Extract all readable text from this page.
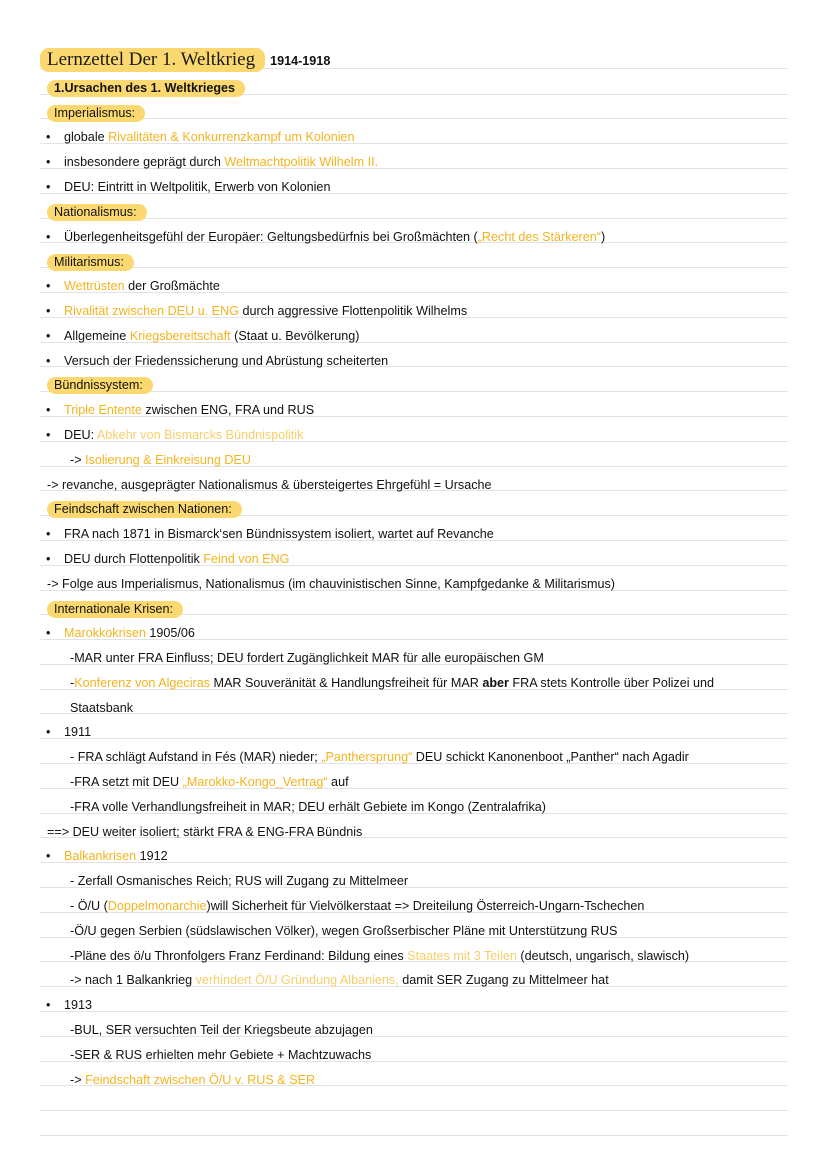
Lernzettel Der 1. Weltkrieg 1914-1918
1.Ursachen des 1. Weltkrieges
Imperialismus:
• globale Rivalitäten & Konkurrenzkampf um Kolonien
• insbesondere geprägt durch Weltmachtpolitik Wilhelm II.
• DEU: Eintritt in Weltpolitik, Erwerb von Kolonien
Nationalismus:
• Überlegenheitsgefühl der Europäer: Geltungsbedürfnis bei Großmächten („Recht des Stärkeren“)
Militarismus:
• Wettrüsten der Großmächte
• Rivalität zwischen DEU u. ENG durch aggressive Flottenpolitik Wilhelms
• Allgemeine Kriegsbereitschaft (Staat u. Bevölkerung)
• Versuch der Friedenssicherung und Abrüstung scheiterten
Bündnissystem:
• Triple Entente zwischen ENG, FRA und RUS
• DEU: Abkehr von Bismarcks Bündnispolitik
-> Isolierung & Einkreisung DEU
-> revanche, ausgeprägter Nationalismus & übersteigertes Ehrgefühl = Ursache
Feindschaft zwischen Nationen:
• FRA nach 1871 in Bismarck‘sen Bündnissystem isoliert, wartet auf Revanche
• DEU durch Flottenpolitik Feind von ENG
-> Folge aus Imperialismus, Nationalismus (im chauvinistischen Sinne, Kampfgedanke & Militarismus)
Internationale Krisen:
• Marokkokrisen 1905/06
-MAR unter FRA Einfluss; DEU fordert Zugänglichkeit MAR für alle europäischen GM
-Konferenz von Algeciras MAR Souveränität & Handlungsfreiheit für MAR aber FRA stets Kontrolle über Polizei und
Staatsbank
• 1911
- FRA schlägt Aufstand in Fés (MAR) nieder; „Panthersprung“ DEU schickt Kanonenboot „Panther“ nach Agadir
-FRA setzt mit DEU „Marokko-Kongo_Vertrag“ auf
-FRA volle Verhandlungsfreiheit in MAR; DEU erhält Gebiete im Kongo (Zentralafrika)
==> DEU weiter isoliert; stärkt FRA & ENG-FRA Bündnis
• Balkankrisen 1912
- Zerfall Osmanisches Reich; RUS will Zugang zu Mittelmeer
- Ö/U (Doppelmonarchie)will Sicherheit für Vielvölkerstaat => Dreiteilung Österreich-Ungarn-Tschechen
-Ö/U gegen Serbien (südslawischen Völker), wegen Großserbischer Pläne mit Unterstützung RUS
-Pläne des ö/u Thronfolgers Franz Ferdinand: Bildung eines Staates mit 3 Teilen (deutsch, ungarisch, slawisch)
-> nach 1 Balkankrieg verhindert Ö/U Gründung Albaniens, damit SER Zugang zu Mittelmeer hat
• 1913
-BUL, SER versuchten Teil der Kriegsbeute abzujagen
-SER & RUS erhielten mehr Gebiete + Machtzuwachs
-> Feindschaft zwischen Ö/U v. RUS & SER
